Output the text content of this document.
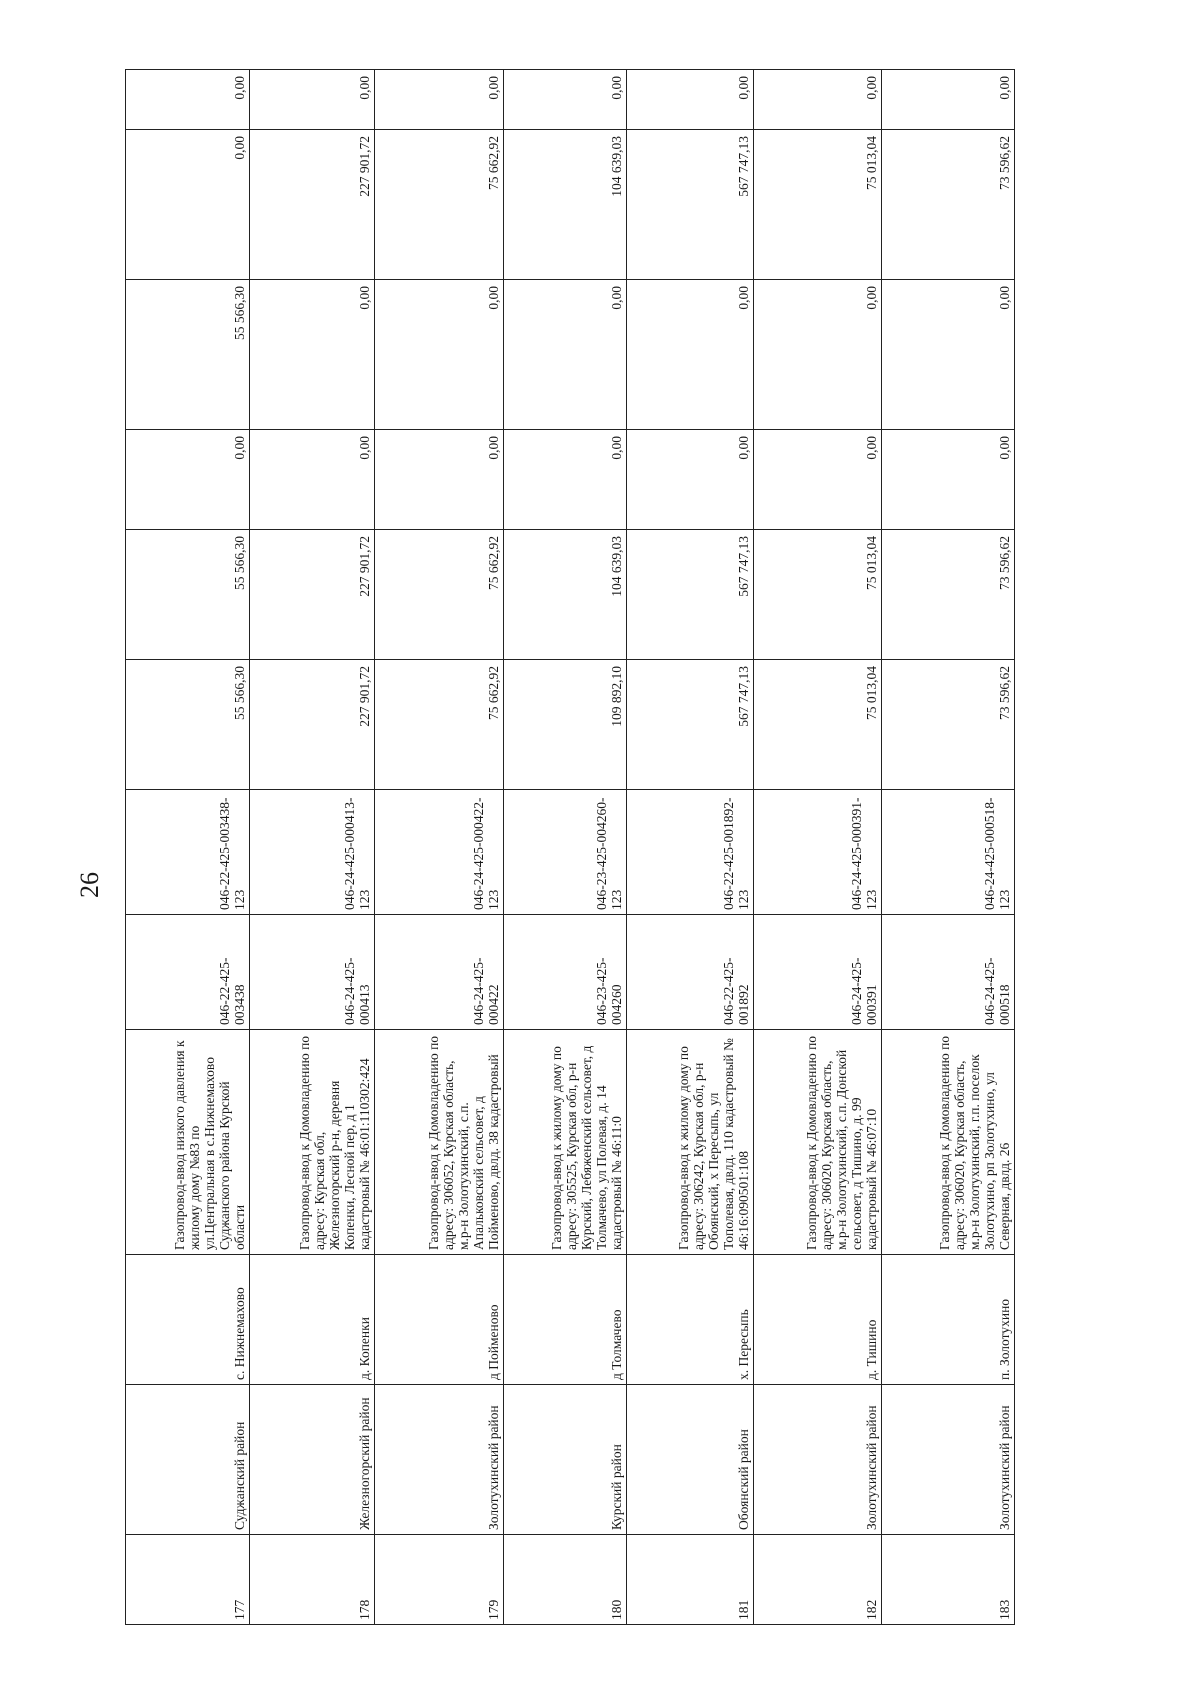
26
177	Суджанский район	с. Нижнемахово	Газопровод-ввод низкого давления к жилому дому №83 по ул.Центральная в с.Нижнемахово Суджанского района Курской области	046-22-425-003438	046-22-425-003438-123	55 566,30	55 566,30	0,00	55 566,30	0,00	0,00
178	Железногорский район	д. Копенки	Газопровод-ввод к Домовладению по адресу: Курская обл, Железногорский р-н, деревня Копенки, Лесной пер, д 1 кадастровый № 46:01:110302:424	046-24-425-000413	046-24-425-000413-123	227 901,72	227 901,72	0,00	0,00	227 901,72	0,00
179	Золотухинский район	д Пойменово	Газопровод-ввод к Домовладению по адресу: 306052, Курская область, м.р-н Золотухинский, с.п. Апальковский сельсовет, д Пойменово, двлд. 38 кадастровый	046-24-425-000422	046-24-425-000422-123	75 662,92	75 662,92	0,00	0,00	75 662,92	0,00
180	Курский район	д Толмачево	Газопровод-ввод к жилому дому по адресу: 305525, Курская обл, р-н Курский, Лебяженский сельсовет, д Толмачево, ул Полевая, д. 14 кадастровый № 46:11:0	046-23-425-004260	046-23-425-004260-123	109 892,10	104 639,03	0,00	0,00	104 639,03	0,00
181	Обоянский район	х. Пересыпь	Газопровод-ввод к жилому дому по адресу: 306242, Курская обл, р-н Обоянский, х Пересыпь, ул Тополевая, двлд. 110 кадастровый № 46:16:090501:108	046-22-425-001892	046-22-425-001892-123	567 747,13	567 747,13	0,00	0,00	567 747,13	0,00
182	Золотухинский район	д. Тишино	Газопровод-ввод к Домовладению по адресу: 306020, Курская область, м.р-н Золотухинский, с.п. Донской сельсовет, д Тишино, д. 99 кадастровый № 46:07:10	046-24-425-000391	046-24-425-000391-123	75 013,04	75 013,04	0,00	0,00	75 013,04	0,00
183	Золотухинский район	п. Золотухино	Газопровод-ввод к Домовладению по адресу: 306020, Курская область, м.р-н Золотухинский, г.п. поселок Золотухино, рп Золотухино, ул Северная, двлд. 26	046-24-425-000518	046-24-425-000518-123	73 596,62	73 596,62	0,00	0,00	73 596,62	0,00
